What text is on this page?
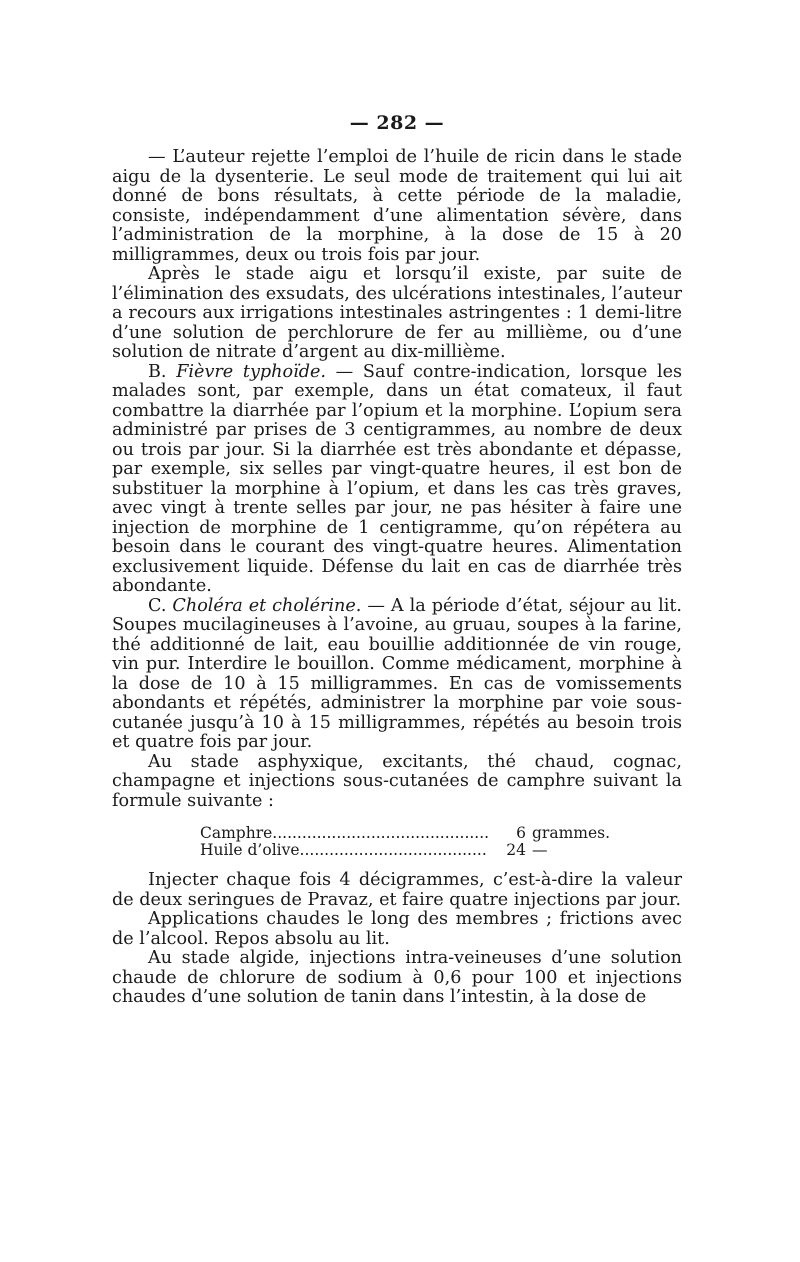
— 282 —

— L’auteur rejette l’emploi de l’huile de ricin dans le stade aigu de la dysenterie. Le seul mode de traitement qui lui ait donné de bons résultats, à cette période de la maladie, consiste, indépendamment d’une alimentation sévère, dans l’administration de la morphine, à la dose de 15 à 20 milligrammes, deux ou trois fois par jour.

Après le stade aigu et lorsqu’il existe, par suite de l’élimination des exsudats, des ulcérations intestinales, l’auteur a recours aux irrigations intestinales astringentes : 1 demi-litre d’une solution de perchlorure de fer au millième, ou d’une solution de nitrate d’argent au dix-millième.

B. Fièvre typhoïde. — Sauf contre-indication, lorsque les malades sont, par exemple, dans un état comateux, il faut combattre la diarrhée par l’opium et la morphine. L’opium sera administré par prises de 3 centigrammes, au nombre de deux ou trois par jour. Si la diarrhée est très abondante et dépasse, par exemple, six selles par vingt-quatre heures, il est bon de substituer la morphine à l’opium, et dans les cas très graves, avec vingt à trente selles par jour, ne pas hésiter à faire une injection de morphine de 1 centigramme, qu’on répétera au besoin dans le courant des vingt-quatre heures. Alimentation exclusivement liquide. Défense du lait en cas de diarrhée très abondante.

C. Choléra et cholérine. — A la période d’état, séjour au lit. Soupes mucilagineuses à l’avoine, au gruau, soupes à la farine, thé additionné de lait, eau bouillie additionnée de vin rouge, vin pur. Interdire le bouillon. Comme médicament, morphine à la dose de 10 à 15 milligrammes. En cas de vomissements abondants et répétés, administrer la morphine par voie sous-cutanée jusqu’à 10 à 15 milligrammes, répétés au besoin trois et quatre fois par jour.

Au stade asphyxique, excitants, thé chaud, cognac, champagne et injections sous-cutanées de camphre suivant la formule suivante :

Camphre............................................	6 grammes.
Huile d’olive......................................	24 —

Injecter chaque fois 4 décigrammes, c’est-à-dire la valeur de deux seringues de Pravaz, et faire quatre injections par jour.

Applications chaudes le long des membres ; frictions avec de l’alcool. Repos absolu au lit.

Au stade algide, injections intra-veineuses d’une solution chaude de chlorure de sodium à 0,6 pour 100 et injections chaudes d’une solution de tanin dans l’intestin, à la dose de
